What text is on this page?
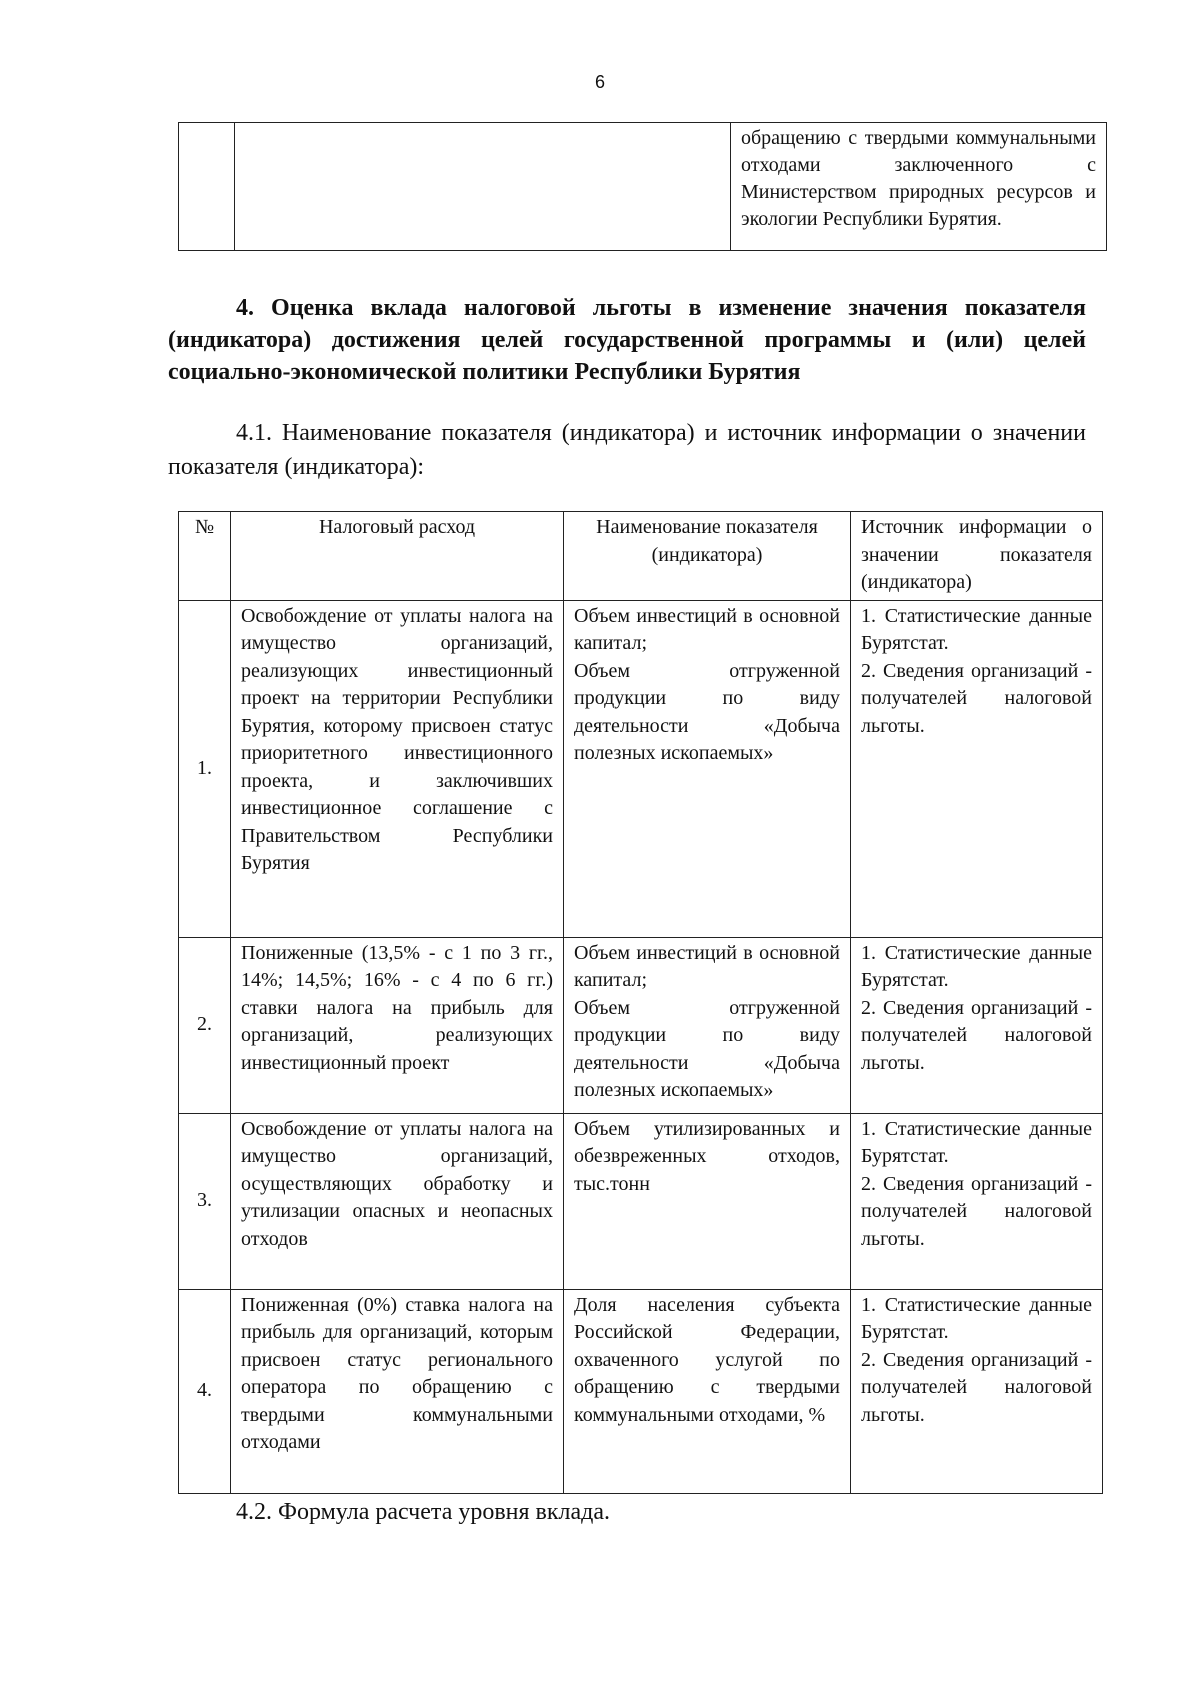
6
		обращению с твердыми коммунальными отходами заключенного с Министерством природных ресурсов и экологии Республики Бурятия.

4. Оценка вклада налоговой льготы в изменение значения показателя (индикатора) достижения целей государственной программы и (или) целей социально-экономической политики Республики Бурятия

4.1. Наименование показателя (индикатора) и источник информации о значении показателя (индикатора):

№	Налоговый расход	Наименование показателя (индикатора)	Источник информации о значении показателя (индикатора)
1.	Освобождение от уплаты налога на имущество организаций, реализующих инвестиционный проект на территории Республики Бурятия, которому присвоен статус приоритетного инвестиционного проекта, и заключивших инвестиционное соглашение с Правительством Республики Бурятия	Объем инвестиций в основной капитал;
Объем отгруженной продукции по виду деятельности «Добыча полезных ископаемых»	1. Статистические данные Бурятстат.
2. Сведения организаций - получателей налоговой льготы.

2.	Пониженные (13,5% - с 1 по 3 гг., 14%; 14,5%; 16% - с 4 по 6 гг.) ставки налога на прибыль для организаций, реализующих инвестиционный проект	Объем инвестиций в основной капитал;
Объем отгруженной продукции по виду деятельности «Добыча полезных ископаемых»	1. Статистические данные Бурятстат.
2. Сведения организаций - получателей налоговой льготы.

3.	Освобождение от уплаты налога на имущество организаций, осуществляющих обработку и утилизации опасных и неопасных отходов	Объем утилизированных и обезвреженных отходов, тыс.тонн	1. Статистические данные Бурятстат.
2. Сведения организаций - получателей налоговой льготы.

4.	Пониженная (0%) ставка налога на прибыль для организаций, которым присвоен статус регионального оператора по обращению с твердыми коммунальными отходами	Доля населения субъекта Российской Федерации, охваченного услугой по обращению с твердыми коммунальными отходами, %	1. Статистические данные Бурятстат.
2. Сведения организаций - получателей налоговой льготы.

4.2. Формула расчета уровня вклада.
